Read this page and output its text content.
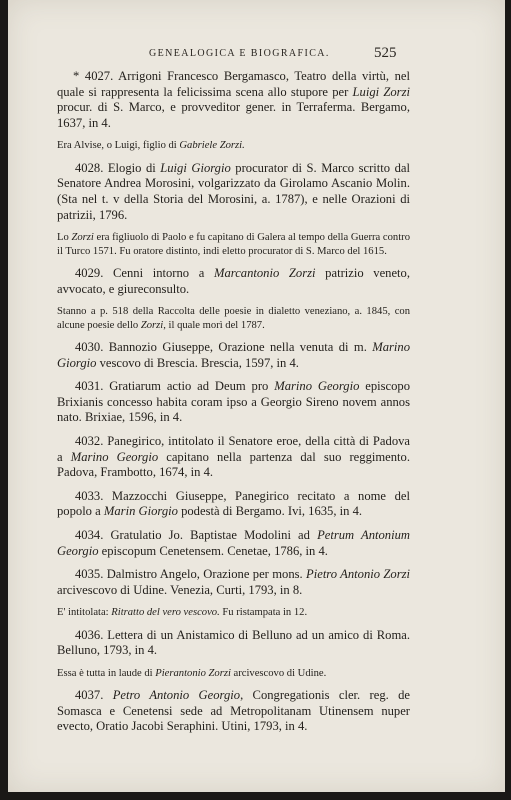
GENEALOGICA E BIOGRAFICA.	525

* 4027. Arrigoni Francesco Bergamasco, Teatro della virtù, nel quale si rappresenta la felicissima scena allo stupore per Luigi Zorzi procur. di S. Marco, e provveditor gener. in Terraferma. Bergamo, 1637, in 4.

Era Alvise, o Luigi, figlio di Gabriele Zorzi.

4028. Elogio di Luigi Giorgio procurator di S. Marco scritto dal Senatore Andrea Morosini, volgarizzato da Girolamo Ascanio Molin. (Sta nel t. v della Storia del Morosini, a. 1787), e nelle Orazioni di patrizii, 1796.

Lo Zorzi era figliuolo di Paolo e fu capitano di Galera al tempo della Guerra contro il Turco 1571. Fu oratore distinto, indi eletto procurator di S. Marco del 1615.

4029. Cenni intorno a Marcantonio Zorzi patrizio veneto, avvocato, e giureconsulto.

Stanno a p. 518 della Raccolta delle poesie in dialetto veneziano, a. 1845, con alcune poesie dello Zorzi, il quale morì del 1787.

4030. Bannozio Giuseppe, Orazione nella venuta di m. Marino Giorgio vescovo di Brescia. Brescia, 1597, in 4.

4031. Gratiarum actio ad Deum pro Marino Georgio episcopo Brixianis concesso habita coram ipso a Georgio Sireno novem annos nato. Brixiae, 1596, in 4.

4032. Panegirico, intitolato il Senatore eroe, della città di Padova a Marino Georgio capitano nella partenza dal suo reggimento. Padova, Frambotto, 1674, in 4.

4033. Mazzocchi Giuseppe, Panegirico recitato a nome del popolo a Marin Giorgio podestà di Bergamo. Ivi, 1635, in 4.

4034. Gratulatio Jo. Baptistae Modolini ad Petrum Antonium Georgio episcopum Cenetensem. Cenetae, 1786, in 4.

4035. Dalmistro Angelo, Orazione per mons. Pietro Antonio Zorzi arcivescovo di Udine. Venezia, Curti, 1793, in 8.

E' intitolata: Ritratto del vero vescovo. Fu ristampata in 12.

4036. Lettera di un Anistamico di Belluno ad un amico di Roma. Belluno, 1793, in 4.

Essa è tutta in laude di Pierantonio Zorzi arcivescovo di Udine.

4037. Petro Antonio Georgio, Congregationis cler. reg. de Somasca e Cenetensi sede ad Metropolitanam Utinensem nuper evecto, Oratio Jacobi Seraphini. Utini, 1793, in 4.
